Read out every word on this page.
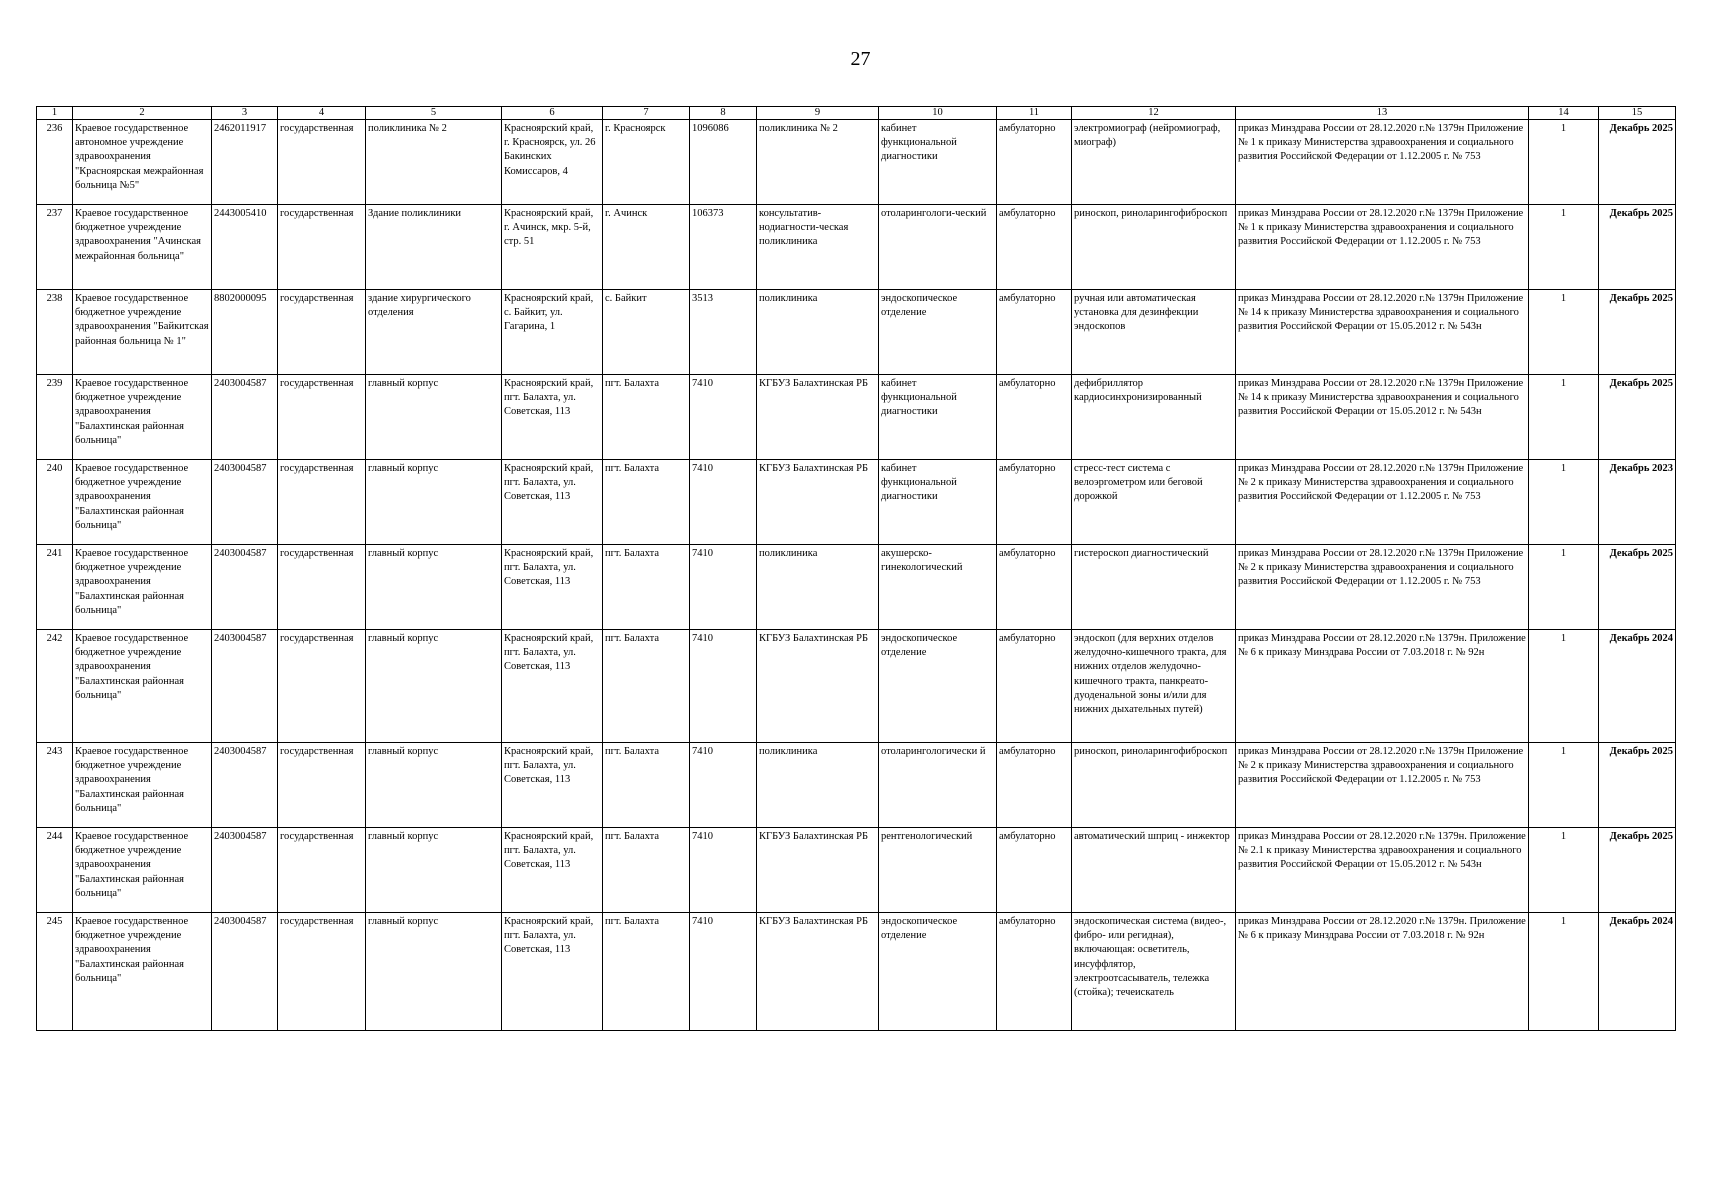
27
1	2	3	4	5	6	7	8	9	10	11	12	13	14	15
236	Краевое государственное автономное учреждение здравоохранения "Красноярская межрайонная больница №5"	2462011917	государственная	поликлиника № 2	Красноярский край, г. Красноярск, ул. 26 Бакинских Комиссаров, 4	г. Красноярск	1096086	поликлиника № 2	кабинет функциональной диагностики	амбулаторно	электромиограф (нейромиограф, миограф)	приказ Минздрава России от 28.12.2020 г.№ 1379н Приложение № 1 к приказу Министерства здравоохранения и социального развития Российской Федерации от 1.12.2005 г. № 753	1	Декабрь 2025
237	Краевое государственное бюджетное учреждение здравоохранения "Ачинская межрайонная больница"	2443005410	государственная	Здание поликлиники	Красноярский край, г. Ачинск, мкр. 5-й, стр. 51	г. Ачинск	106373	консультатив-нодиагности-ческая поликлиника	отоларингологи-ческий	амбулаторно	риноскоп, риноларингофиброскоп	приказ Минздрава России от 28.12.2020 г.№ 1379н Приложение № 1 к приказу Министерства здравоохранения и социального развития Российской Федерации от 1.12.2005 г. № 753	1	Декабрь 2025
238	Краевое государственное бюджетное учреждение здравоохранения "Байкитская районная больница № 1"	8802000095	государственная	здание хирургического отделения	Красноярский край, с. Байкит, ул. Гагарина, 1	с. Байкит	3513	поликлиника	эндоскопическое отделение	амбулаторно	ручная или автоматическая установка для дезинфекции эндоскопов	приказ Минздрава России от 28.12.2020 г.№ 1379н Приложение № 14 к приказу Министерства здравоохранения и социального развития Российской Ферации от 15.05.2012 г. № 543н	1	Декабрь 2025
239	Краевое государственное бюджетное учреждение здравоохранения "Балахтинская районная больница"	2403004587	государственная	главный корпус	Красноярский край, пгт. Балахта, ул. Советская, 113	пгт. Балахта	7410	КГБУЗ Балахтинская РБ	кабинет функциональной диагностики	амбулаторно	дефибриллятор кардиосинхронизированный	приказ Минздрава России от 28.12.2020 г.№ 1379н Приложение № 14 к приказу Министерства здравоохранения и социального развития Российской Ферации от 15.05.2012 г. № 543н	1	Декабрь 2025
240	Краевое государственное бюджетное учреждение здравоохранения "Балахтинская районная больница"	2403004587	государственная	главный корпус	Красноярский край, пгт. Балахта, ул. Советская, 113	пгт. Балахта	7410	КГБУЗ Балахтинская РБ	кабинет функциональной диагностики	амбулаторно	стресс-тест система с велоэргометром или беговой дорожкой	приказ Минздрава России от 28.12.2020 г.№ 1379н Приложение № 2 к приказу Министерства здравоохранения и социального развития Российской Федерации от 1.12.2005 г. № 753	1	Декабрь 2023
241	Краевое государственное бюджетное учреждение здравоохранения "Балахтинская районная больница"	2403004587	государственная	главный корпус	Красноярский край, пгт. Балахта, ул. Советская, 113	пгт. Балахта	7410	поликлиника	акушерско-гинекологический	амбулаторно	гистероскоп диагностический	приказ Минздрава России от 28.12.2020 г.№ 1379н Приложение № 2 к приказу Министерства здравоохранения и социального развития Российской Федерации от 1.12.2005 г. № 753	1	Декабрь 2025
242	Краевое государственное бюджетное учреждение здравоохранения "Балахтинская районная больница"	2403004587	государственная	главный корпус	Красноярский край, пгт. Балахта, ул. Советская, 113	пгт. Балахта	7410	КГБУЗ Балахтинская РБ	эндоскопическое отделение	амбулаторно	эндоскоп (для верхних отделов желудочно-кишечного тракта, для нижних отделов желудочно-кишечного тракта, панкреато-дуоденальной зоны и/или для нижних дыхательных путей)	приказ Минздрава России от 28.12.2020 г.№ 1379н. Приложение № 6 к приказу Минздрава России от 7.03.2018 г. № 92н	1	Декабрь 2024
243	Краевое государственное бюджетное учреждение здравоохранения "Балахтинская районная больница"	2403004587	государственная	главный корпус	Красноярский край, пгт. Балахта, ул. Советская, 113	пгт. Балахта	7410	поликлиника	отоларингологически й	амбулаторно	риноскоп, риноларингофиброскоп	приказ Минздрава России от 28.12.2020 г.№ 1379н Приложение № 2 к приказу Министерства здравоохранения и социального развития Российской Федерации от 1.12.2005 г. № 753	1	Декабрь 2025
244	Краевое государственное бюджетное учреждение здравоохранения "Балахтинская районная больница"	2403004587	государственная	главный корпус	Красноярский край, пгт. Балахта, ул. Советская, 113	пгт. Балахта	7410	КГБУЗ Балахтинская РБ	рентгенологический	амбулаторно	автоматический шприц - инжектор	приказ Минздрава России от 28.12.2020 г.№ 1379н. Приложение № 2.1 к приказу Министерства здравоохранения и социального развития Российской Ферации от 15.05.2012 г. № 543н	1	Декабрь 2025
245	Краевое государственное бюджетное учреждение здравоохранения "Балахтинская районная больница"	2403004587	государственная	главный корпус	Красноярский край, пгт. Балахта, ул. Советская, 113	пгт. Балахта	7410	КГБУЗ Балахтинская РБ	эндоскопическое отделение	амбулаторно	эндоскопическая система (видео-, фибро- или регидная), включающая: осветитель, инсуффлятор, электроотсасыватель, тележка (стойка); течеискатель	приказ Минздрава России от 28.12.2020 г.№ 1379н. Приложение № 6 к приказу Минздрава России от 7.03.2018 г. № 92н	1	Декабрь 2024
